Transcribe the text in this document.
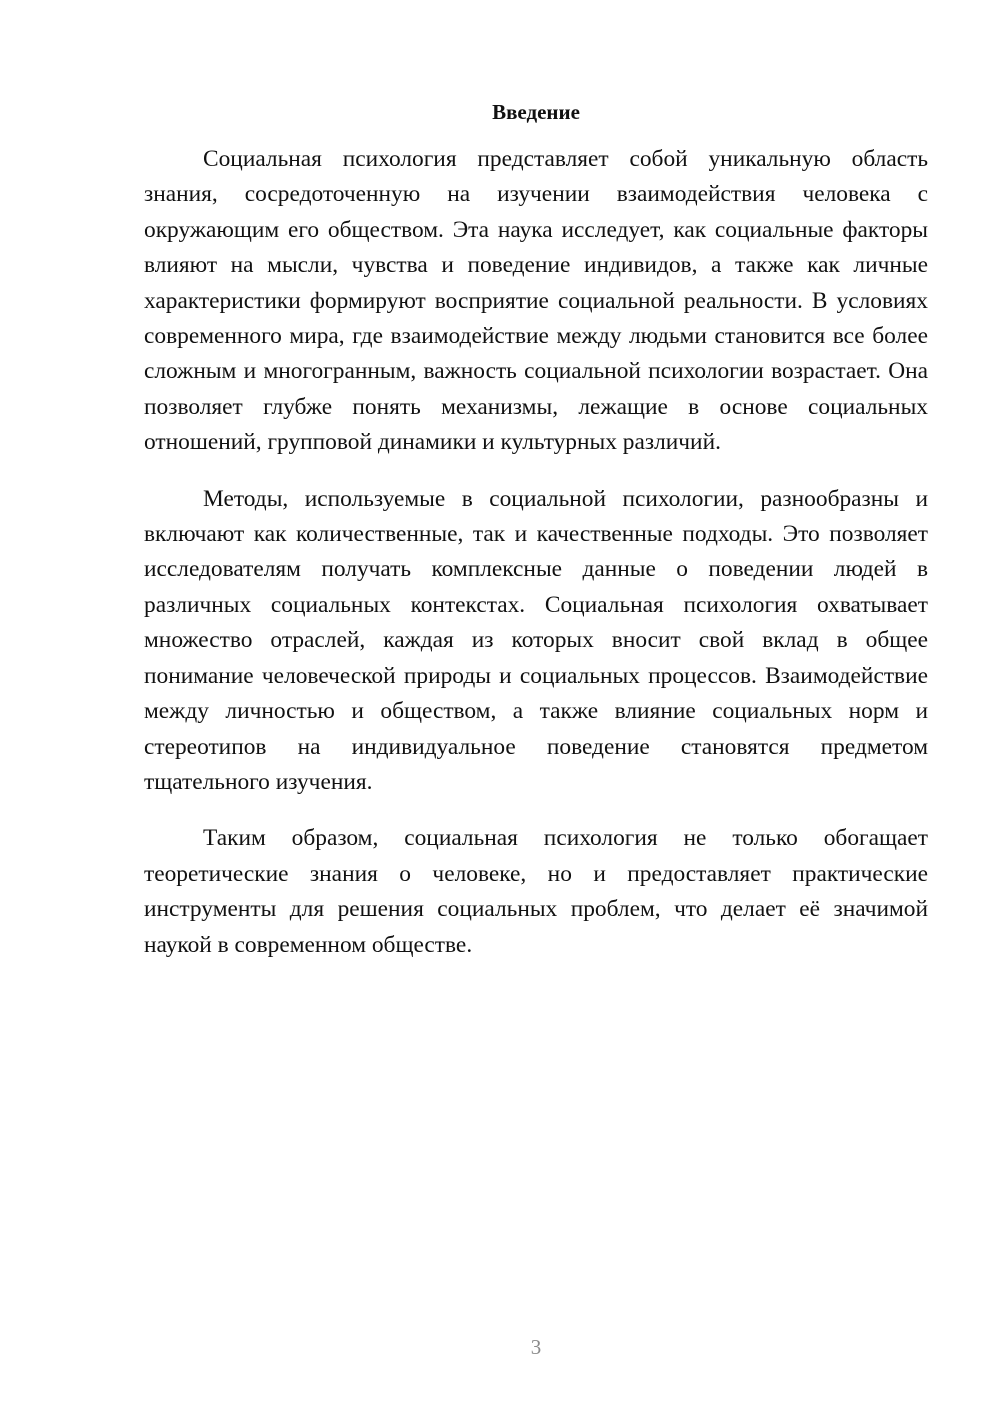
Введение

Социальная психология представляет собой уникальную область знания, сосредоточенную на изучении взаимодействия человека с окружающим его обществом. Эта наука исследует, как социальные факторы влияют на мысли, чувства и поведение индивидов, а также как личные характеристики формируют восприятие социальной реальности. В условиях современного мира, где взаимодействие между людьми становится все более сложным и многогранным, важность социальной психологии возрастает. Она позволяет глубже понять механизмы, лежащие в основе социальных отношений, групповой динамики и культурных различий.

Методы, используемые в социальной психологии, разнообразны и включают как количественные, так и качественные подходы. Это позволяет исследователям получать комплексные данные о поведении людей в различных социальных контекстах. Социальная психология охватывает множество отраслей, каждая из которых вносит свой вклад в общее понимание человеческой природы и социальных процессов. Взаимодействие между личностью и обществом, а также влияние социальных норм и стереотипов на индивидуальное поведение становятся предметом тщательного изучения.

Таким образом, социальная психология не только обогащает теоретические знания о человеке, но и предоставляет практические инструменты для решения социальных проблем, что делает её значимой наукой в современном обществе.

3
